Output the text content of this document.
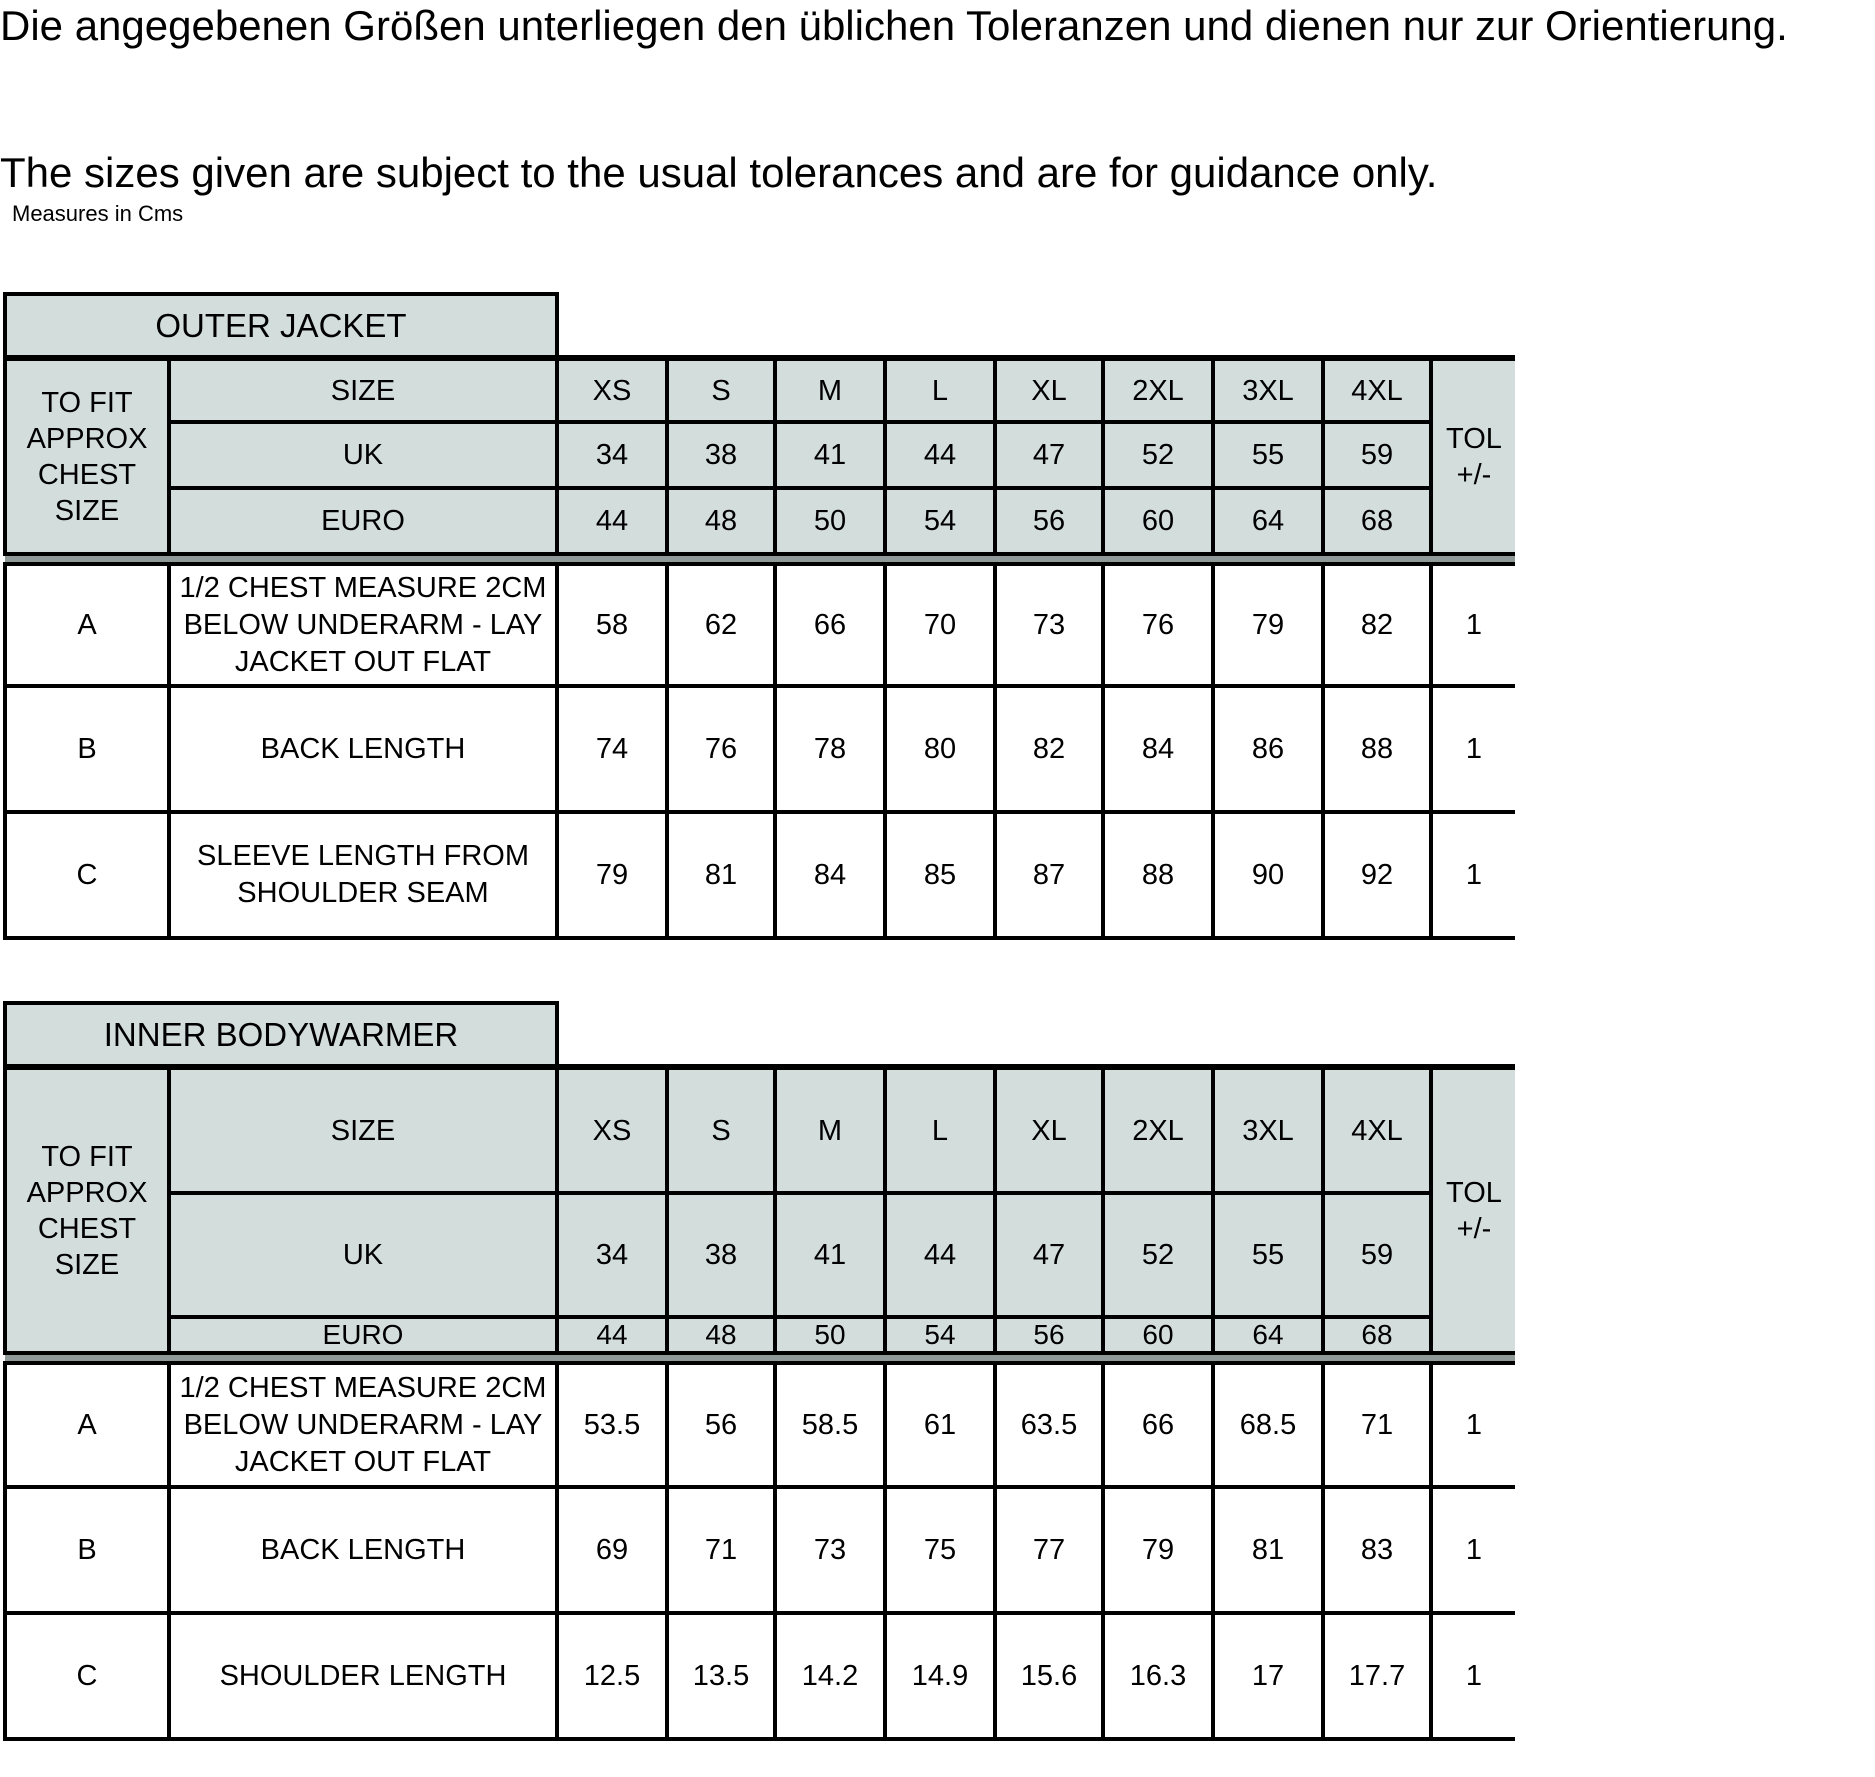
Die angegebenen Größen unterliegen den üblichen Toleranzen und dienen nur zur Orientierung.

The sizes given are subject to the usual tolerances and are for guidance only.

Measures in Cms
OUTER JACKET										
TO FIT APPROX CHEST SIZE	SIZE	XS	S	M	L	XL	2XL	3XL	4XL	TOL +/-
	UK	34	38	41	44	47	52	55	59	
	EURO	44	48	50	54	56	60	64	68	

A	1/2 CHEST MEASURE 2CM BELOW UNDERARM - LAY JACKET OUT FLAT	58	62	66	70	73	76	79	82	1
B	BACK LENGTH	74	76	78	80	82	84	86	88	1
C	SLEEVE LENGTH FROM SHOULDER SEAM	79	81	84	85	87	88	90	92	1
INNER BODYWARMER										
TO FIT APPROX CHEST SIZE	SIZE	XS	S	M	L	XL	2XL	3XL	4XL	TOL +/-
	UK	34	38	41	44	47	52	55	59	
	EURO	44	48	50	54	56	60	64	68	

A	1/2 CHEST MEASURE 2CM BELOW UNDERARM - LAY JACKET OUT FLAT	53.5	56	58.5	61	63.5	66	68.5	71	1
B	BACK LENGTH	69	71	73	75	77	79	81	83	1
C	SHOULDER LENGTH	12.5	13.5	14.2	14.9	15.6	16.3	17	17.7	1
